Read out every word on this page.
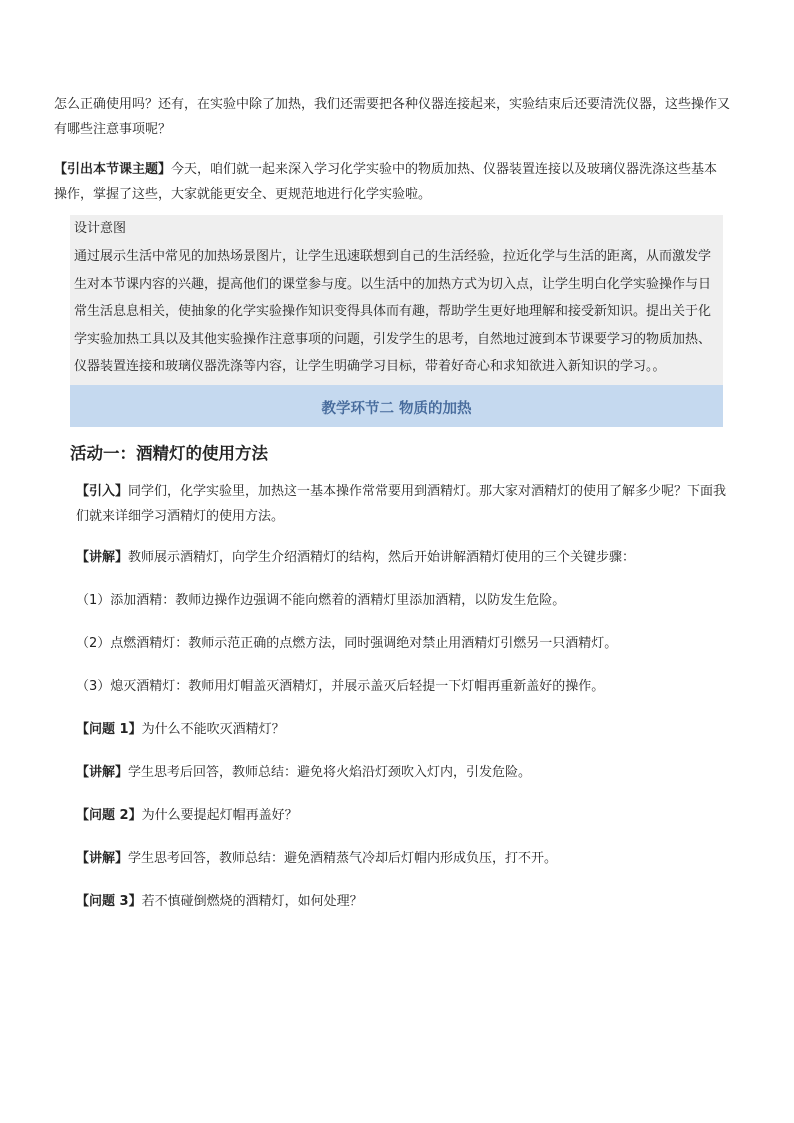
怎么正确使用吗？还有，在实验中除了加热，我们还需要把各种仪器连接起来，实验结束后还要清洗仪器，这些操作又有哪些注意事项呢？

【引出本节课主题】今天，咱们就一起来深入学习化学实验中的物质加热、仪器装置连接以及玻璃仪器洗涤这些基本操作，掌握了这些，大家就能更安全、更规范地进行化学实验啦。

设计意图
通过展示生活中常见的加热场景图片，让学生迅速联想到自己的生活经验，拉近化学与生活的距离，从而激发学生对本节课内容的兴趣，提高他们的课堂参与度。以生活中的加热方式为切入点，让学生明白化学实验操作与日常生活息息相关，使抽象的化学实验操作知识变得具体而有趣，帮助学生更好地理解和接受新知识。提出关于化学实验加热工具以及其他实验操作注意事项的问题，引发学生的思考，自然地过渡到本节课要学习的物质加热、仪器装置连接和玻璃仪器洗涤等内容，让学生明确学习目标，带着好奇心和求知欲进入新知识的学习。。
教学环节二 物质的加热
活动一：酒精灯的使用方法

【引入】同学们，化学实验里，加热这一基本操作常常要用到酒精灯。那大家对酒精灯的使用了解多少呢？下面我们就来详细学习酒精灯的使用方法。

【讲解】教师展示酒精灯，向学生介绍酒精灯的结构，然后开始讲解酒精灯使用的三个关键步骤：

（1）添加酒精：教师边操作边强调不能向燃着的酒精灯里添加酒精，以防发生危险。

（2）点燃酒精灯：教师示范正确的点燃方法，同时强调绝对禁止用酒精灯引燃另一只酒精灯。

（3）熄灭酒精灯：教师用灯帽盖灭酒精灯，并展示盖灭后轻提一下灯帽再重新盖好的操作。

【问题 1】为什么不能吹灭酒精灯？

【讲解】学生思考后回答，教师总结：避免将火焰沿灯颈吹入灯内，引发危险。

【问题 2】为什么要提起灯帽再盖好？

【讲解】学生思考回答，教师总结：避免酒精蒸气冷却后灯帽内形成负压，打不开。

【问题 3】若不慎碰倒燃烧的酒精灯，如何处理？
